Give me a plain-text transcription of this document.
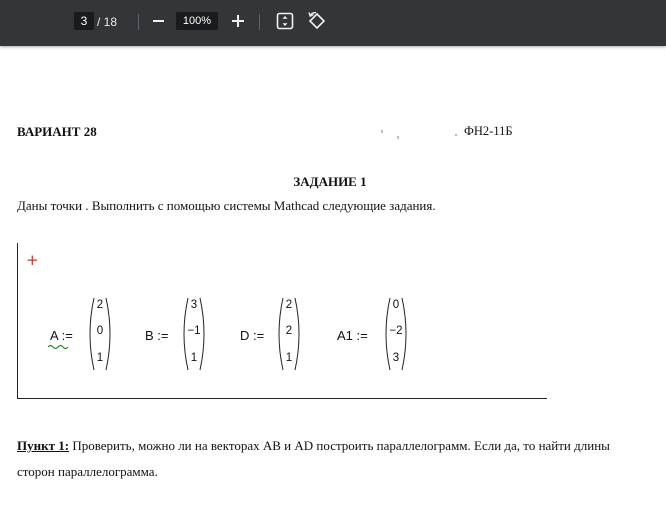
3 / 18	100%
ВАРИАНТ 28	ФН2-11Б
ЗАДАНИЕ 1
Даны точки . Выполнить с помощью системы Mathcad следующие задания.
+
A :=
2
0
1
B :=
3
−1
1
D :=
2
2
1
A1 :=
0
−2
3
Пункт 1: Проверить, можно ли на векторах AB и AD построить параллелограмм. Если да, то найти длины сторон параллелограмма.
